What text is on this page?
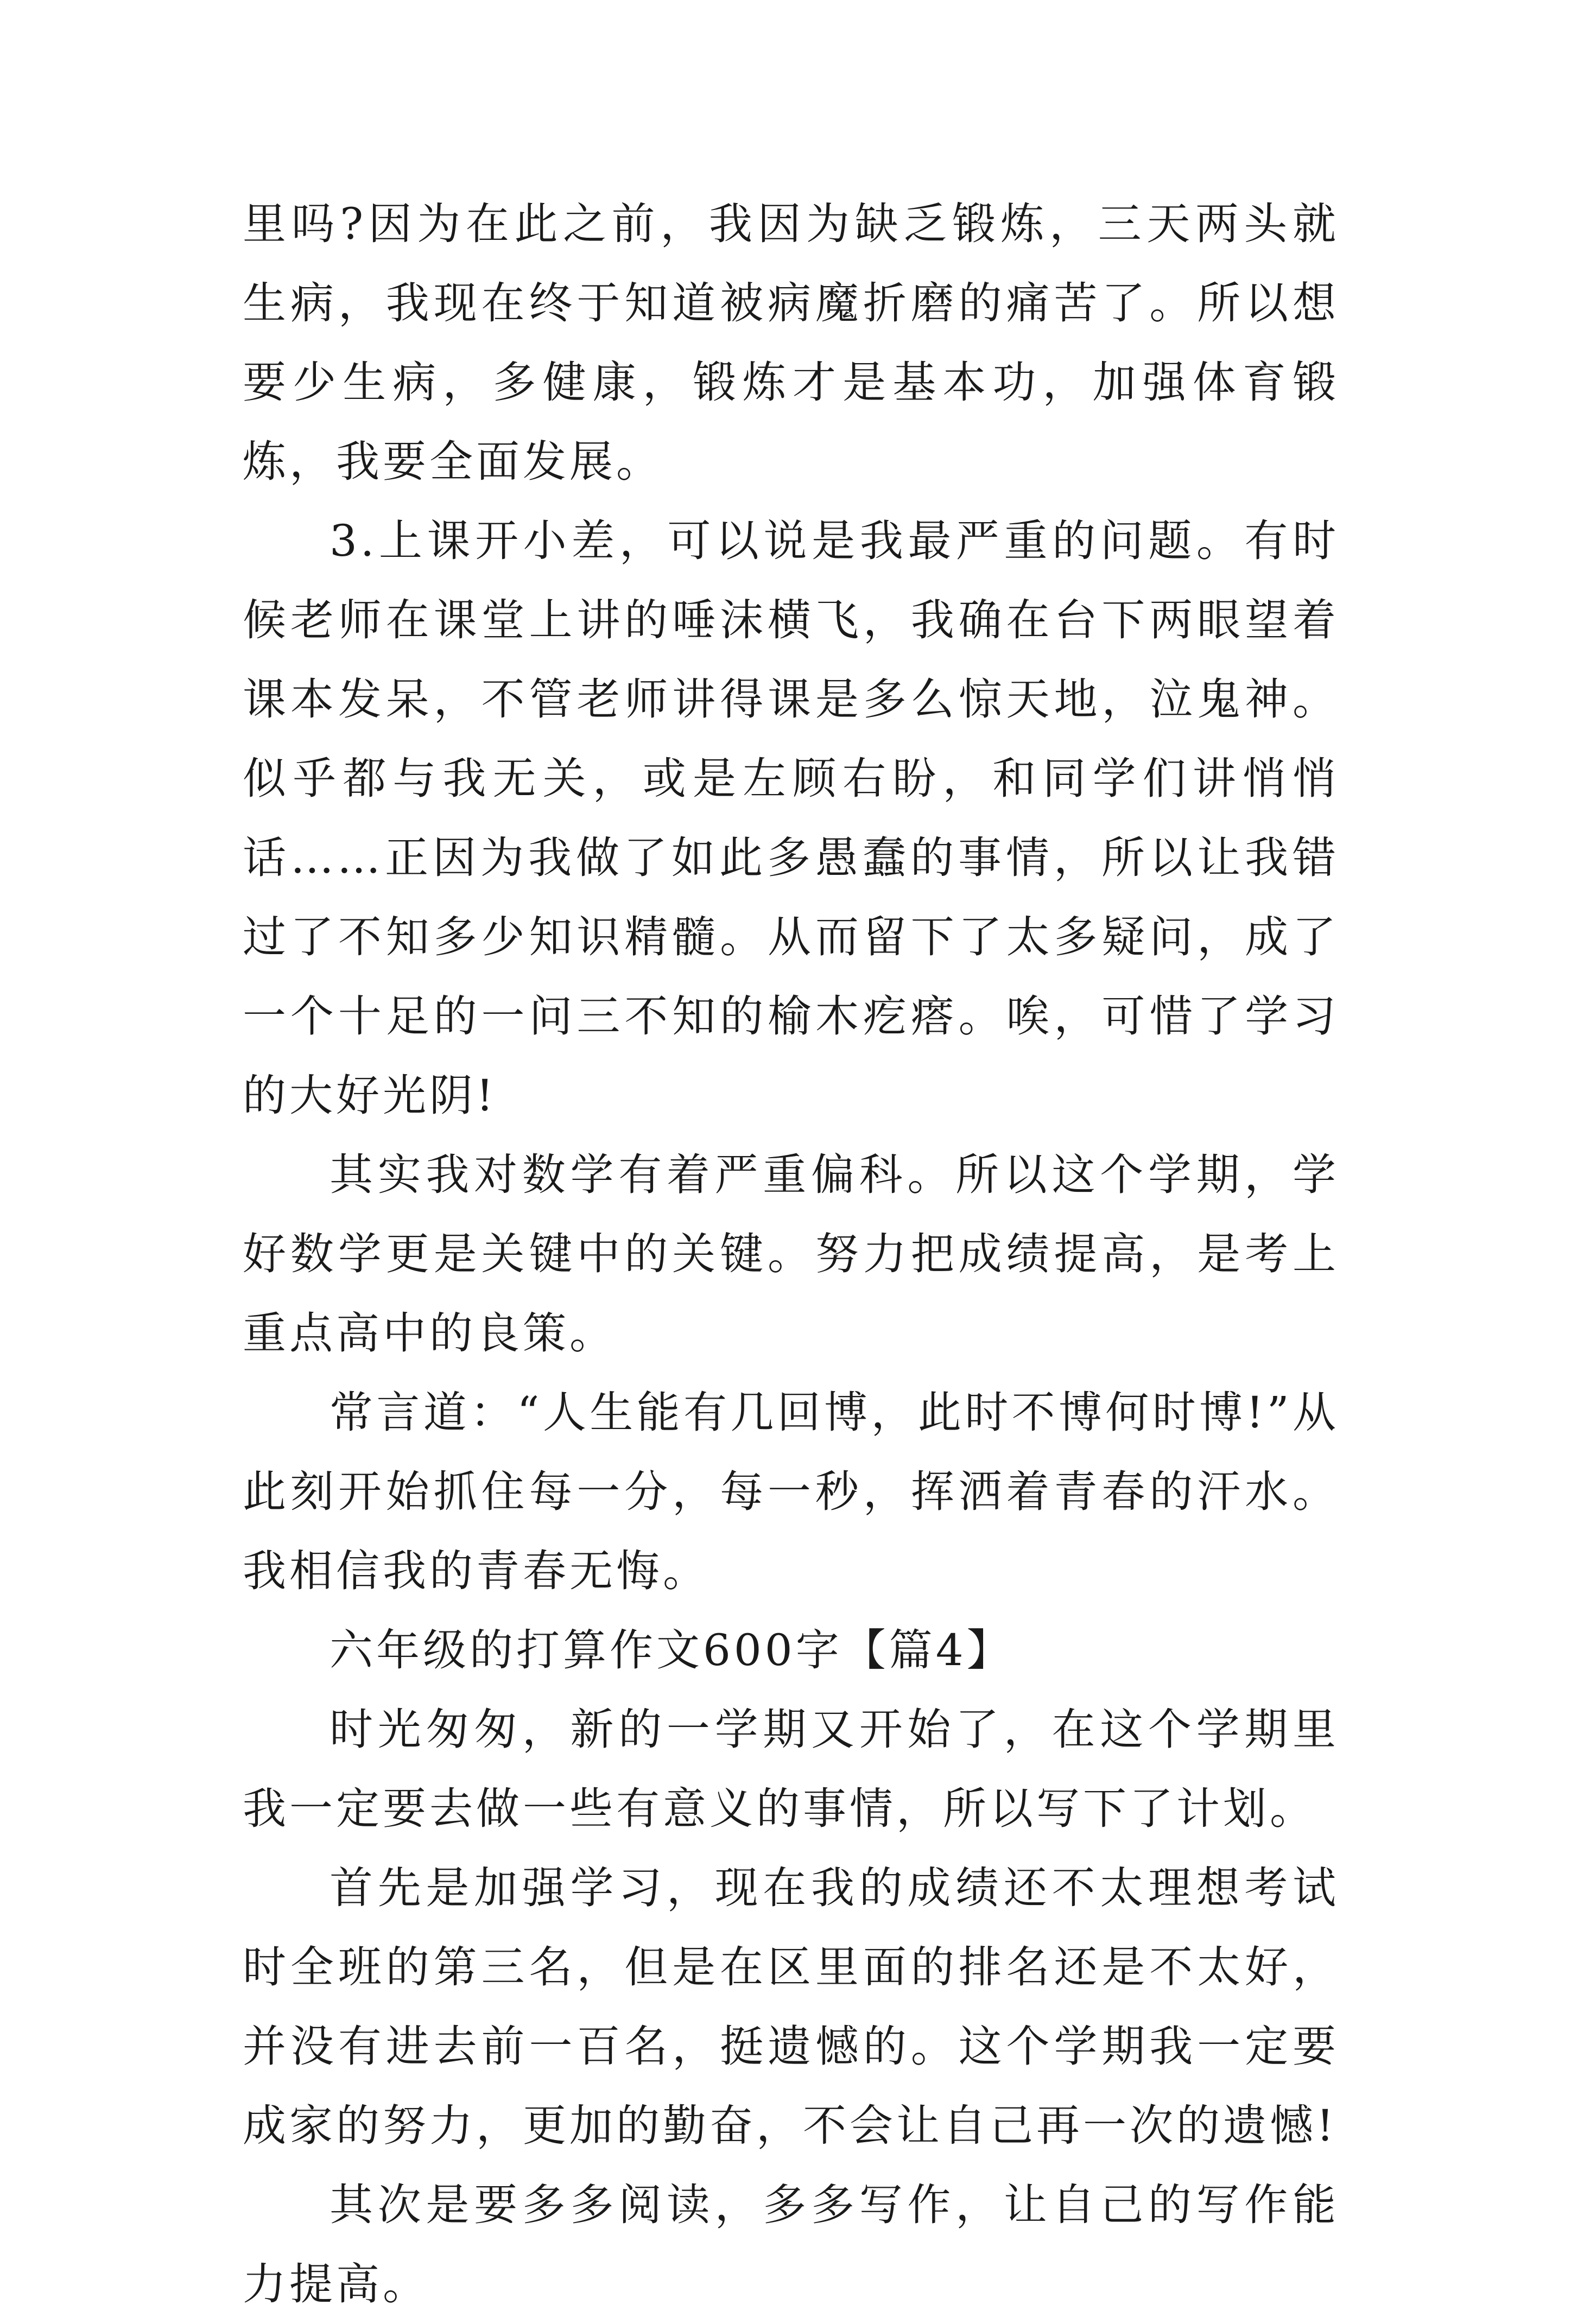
里吗?因为在此之前，我因为缺乏锻炼，三天两头就生病，我现在终于知道被病魔折磨的痛苦了。所以想要少生病，多健康，锻炼才是基本功，加强体育锻炼，我要全面发展。

3.上课开小差，可以说是我最严重的问题。有时候老师在课堂上讲的唾沫横飞，我确在台下两眼望着课本发呆，不管老师讲得课是多么惊天地，泣鬼神。似乎都与我无关，或是左顾右盼，和同学们讲悄悄话……正因为我做了如此多愚蠢的事情，所以让我错过了不知多少知识精髓。从而留下了太多疑问，成了一个十足的一问三不知的榆木疙瘩。唉，可惜了学习的大好光阴!

其实我对数学有着严重偏科。所以这个学期，学好数学更是关键中的关键。努力把成绩提高，是考上重点高中的良策。

常言道：“人生能有几回博，此时不博何时博!”从此刻开始抓住每一分，每一秒，挥洒着青春的汗水。我相信我的青春无悔。

六年级的打算作文600字【篇4】

时光匆匆，新的一学期又开始了，在这个学期里我一定要去做一些有意义的事情，所以写下了计划。

首先是加强学习，现在我的成绩还不太理想考试时全班的第三名，但是在区里面的排名还是不太好，并没有进去前一百名，挺遗憾的。这个学期我一定要成家的努力，更加的勤奋，不会让自己再一次的遗憾!

其次是要多多阅读，多多写作，让自己的写作能力提高。
